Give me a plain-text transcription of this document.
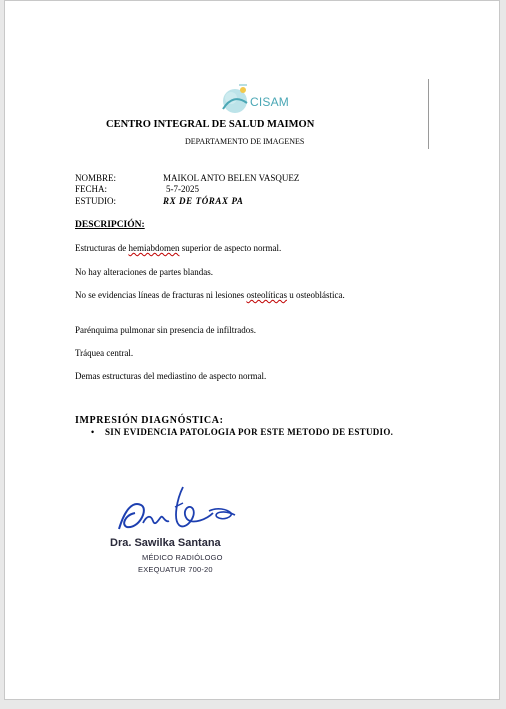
CISAM
CENTRO INTEGRAL DE SALUD MAIMON
DEPARTAMENTO DE IMAGENES
NOMBRE:	MAIKOL ANTO BELEN VASQUEZ
FECHA:	5-7-2025
ESTUDIO:	RX DE TÓRAX PA
DESCRIPCIÓN:
Estructuras de hemiabdomen superior de aspecto normal.
No hay alteraciones de partes blandas.
No se evidencias líneas de fracturas ni lesiones osteolíticas u osteoblástica.
Parénquima pulmonar sin presencia de infiltrados.
Tráquea central.
Demas estructuras del mediastino de aspecto normal.
IMPRESIÓN DIAGNÓSTICA:
• SIN EVIDENCIA PATOLOGIA POR ESTE METODO DE ESTUDIO.
Dra. Sawilka Santana
MÉDICO RADIÓLOGO
EXEQUATUR 700-20
